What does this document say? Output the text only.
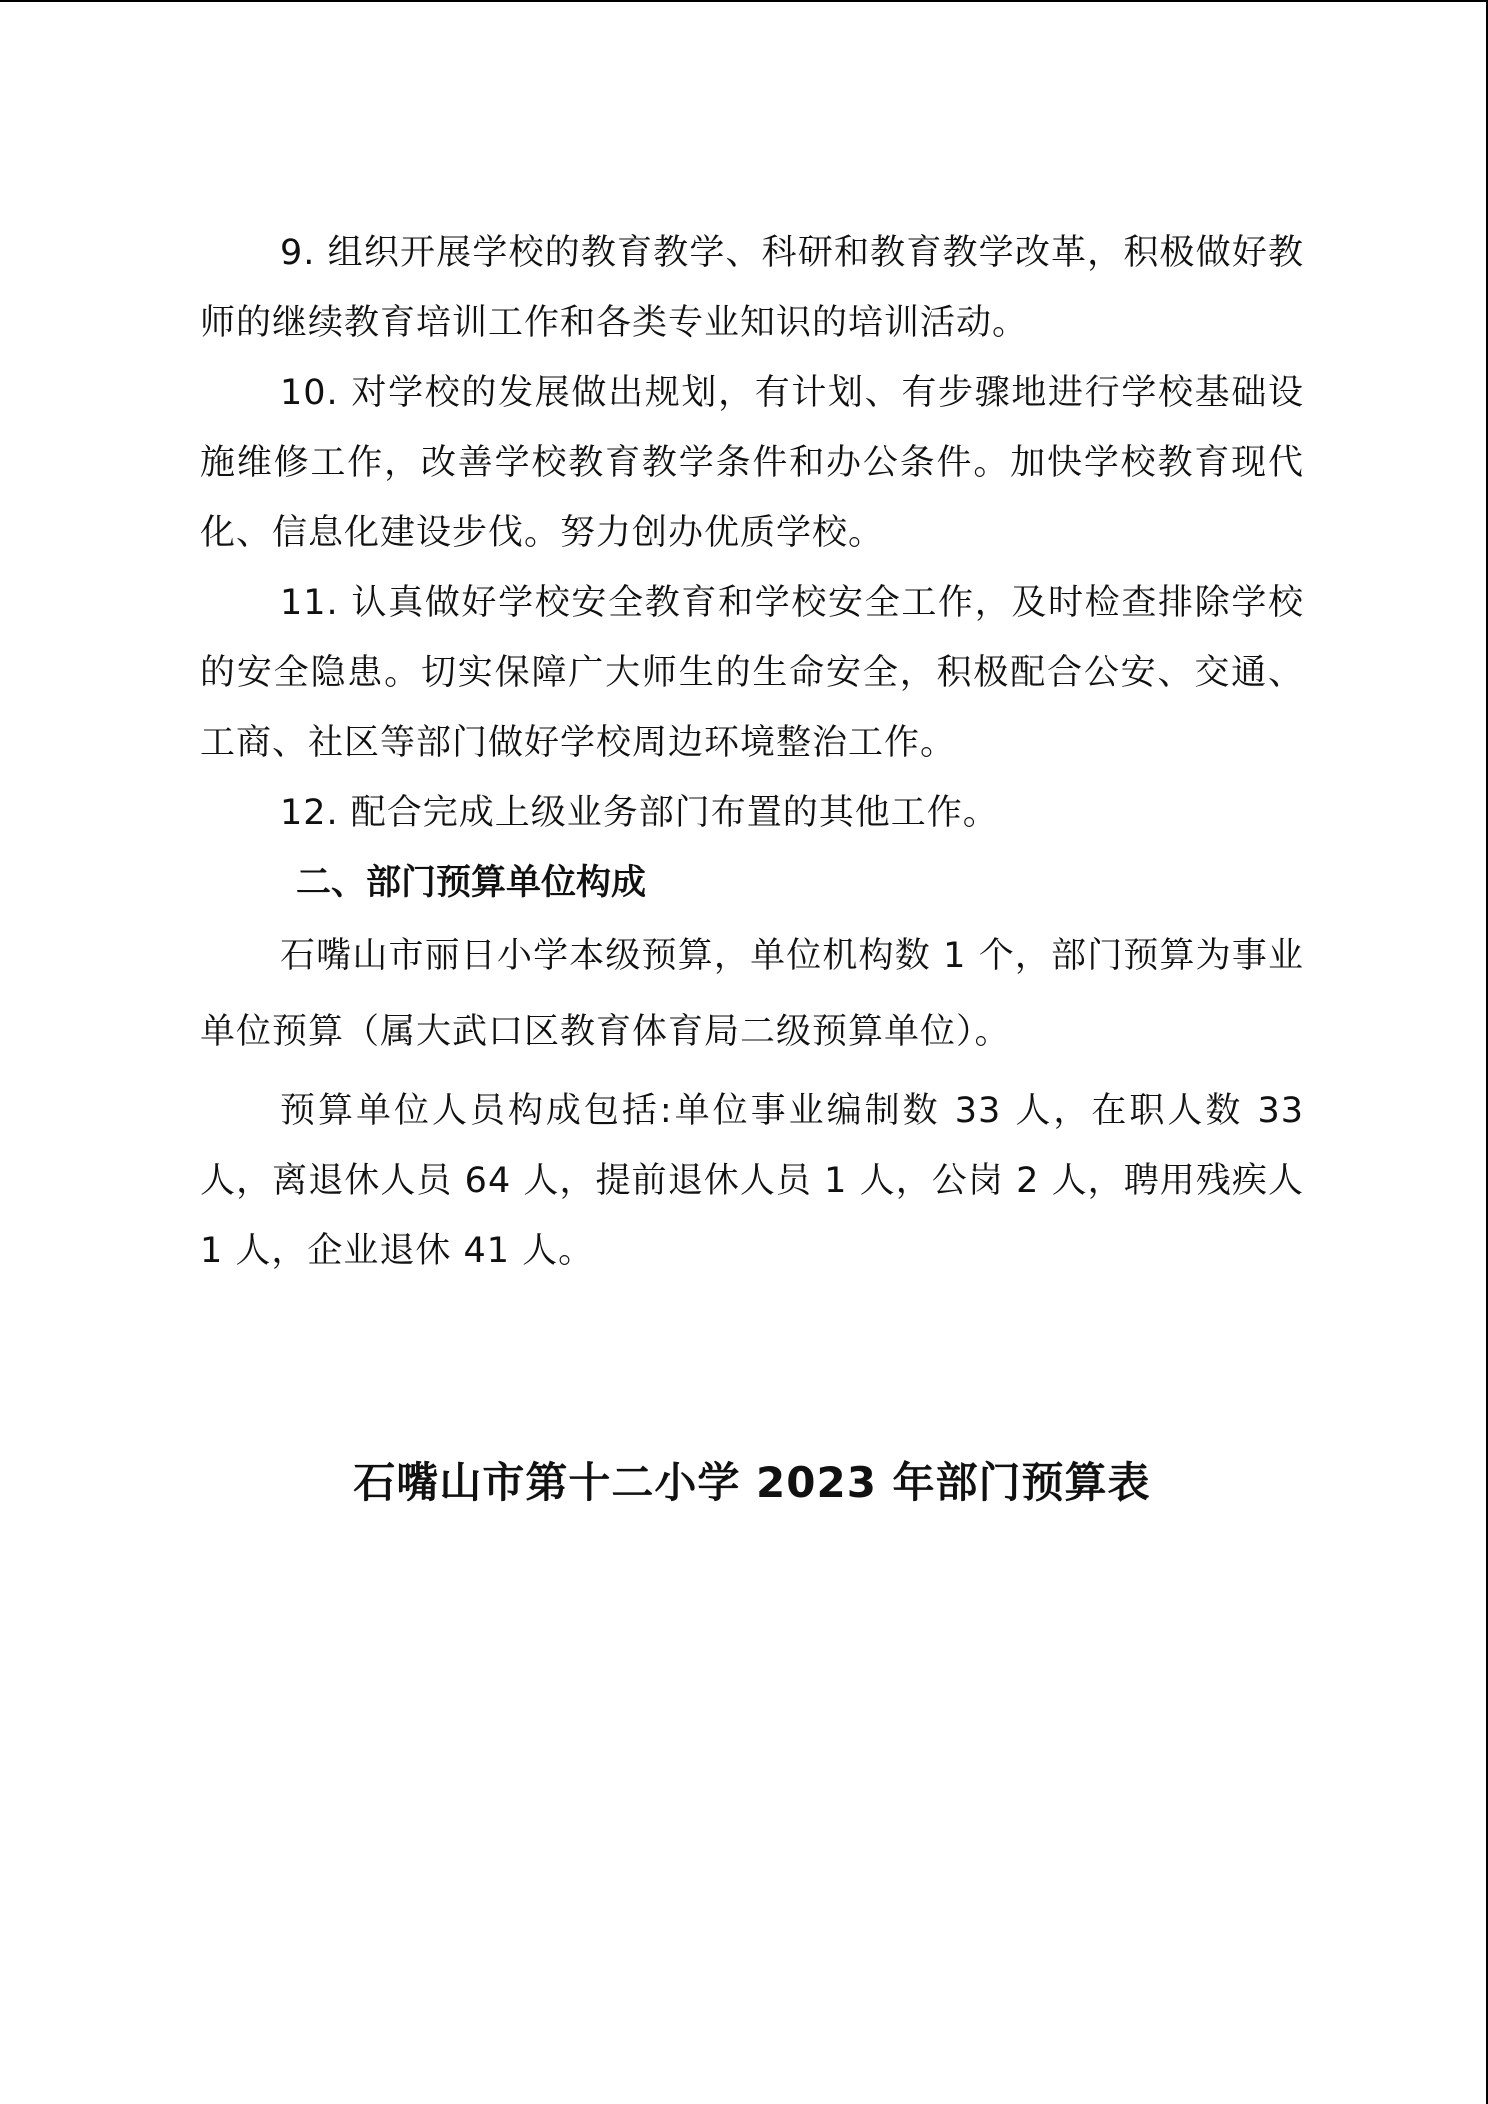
9. 组织开展学校的教育教学、科研和教育教学改革，积极做好教师的继续教育培训工作和各类专业知识的培训活动。

10. 对学校的发展做出规划，有计划、有步骤地进行学校基础设施维修工作，改善学校教育教学条件和办公条件。加快学校教育现代化、信息化建设步伐。努力创办优质学校。

11. 认真做好学校安全教育和学校安全工作，及时检查排除学校的安全隐患。切实保障广大师生的生命安全，积极配合公安、交通、工商、社区等部门做好学校周边环境整治工作。

12. 配合完成上级业务部门布置的其他工作。

二、部门预算单位构成

石嘴山市丽日小学本级预算，单位机构数 1 个，部门预算为事业单位预算（属大武口区教育体育局二级预算单位）。

预算单位人员构成包括:单位事业编制数 33 人，在职人数 33 人，离退休人员 64 人，提前退休人员 1 人，公岗 2 人，聘用残疾人 1 人，企业退休 41 人。

石嘴山市第十二小学 2023 年部门预算表
